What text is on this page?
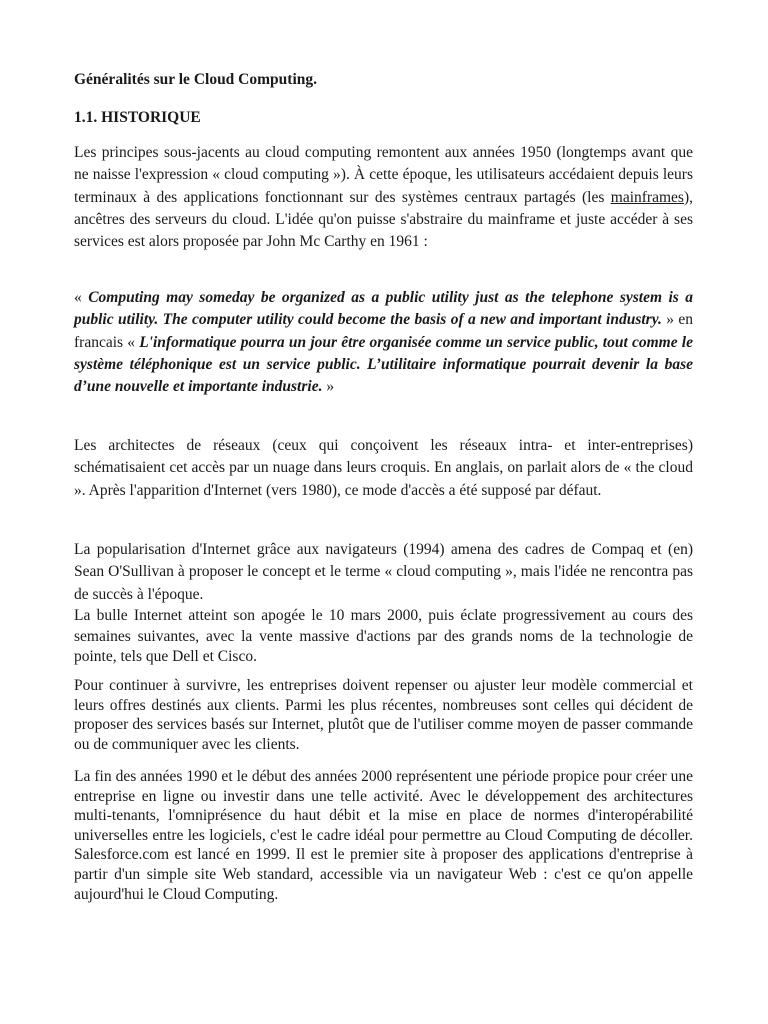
Généralités sur le Cloud Computing.
1.1. HISTORIQUE

Les principes sous-jacents au cloud computing remontent aux années 1950 (longtemps avant que ne naisse l'expression « cloud computing »). À cette époque, les utilisateurs accédaient depuis leurs terminaux à des applications fonctionnant sur des systèmes centraux partagés (les mainframes), ancêtres des serveurs du cloud. L'idée qu'on puisse s'abstraire du mainframe et juste accéder à ses services est alors proposée par John Mc Carthy en 1961 :

« Computing may someday be organized as a public utility just as the telephone system is a public utility. The computer utility could become the basis of a new and important industry. » en francais « L'informatique pourra un jour être organisée comme un service public, tout comme le système téléphonique est un service public. L’utilitaire informatique pourrait devenir la base d’une nouvelle et importante industrie. »

Les architectes de réseaux (ceux qui conçoivent les réseaux intra- et inter-entreprises) schématisaient cet accès par un nuage dans leurs croquis. En anglais, on parlait alors de « the cloud ». Après l'apparition d'Internet (vers 1980), ce mode d'accès a été supposé par défaut.

La popularisation d'Internet grâce aux navigateurs (1994) amena des cadres de Compaq et (en) Sean O'Sullivan à proposer le concept et le terme « cloud computing », mais l'idée ne rencontra pas de succès à l'époque.

La bulle Internet atteint son apogée le 10 mars 2000, puis éclate progressivement au cours des semaines suivantes, avec la vente massive d'actions par des grands noms de la technologie de pointe, tels que Dell et Cisco.

Pour continuer à survivre, les entreprises doivent repenser ou ajuster leur modèle commercial et leurs offres destinés aux clients. Parmi les plus récentes, nombreuses sont celles qui décident de proposer des services basés sur Internet, plutôt que de l'utiliser comme moyen de passer commande ou de communiquer avec les clients.

La fin des années 1990 et le début des années 2000 représentent une période propice pour créer une entreprise en ligne ou investir dans une telle activité. Avec le développement des architectures multi-tenants, l'omniprésence du haut débit et la mise en place de normes d'interopérabilité universelles entre les logiciels, c'est le cadre idéal pour permettre au Cloud Computing de décoller. Salesforce.com est lancé en 1999. Il est le premier site à proposer des applications d'entreprise à partir d'un simple site Web standard, accessible via un navigateur Web : c'est ce qu'on appelle aujourd'hui le Cloud Computing.
